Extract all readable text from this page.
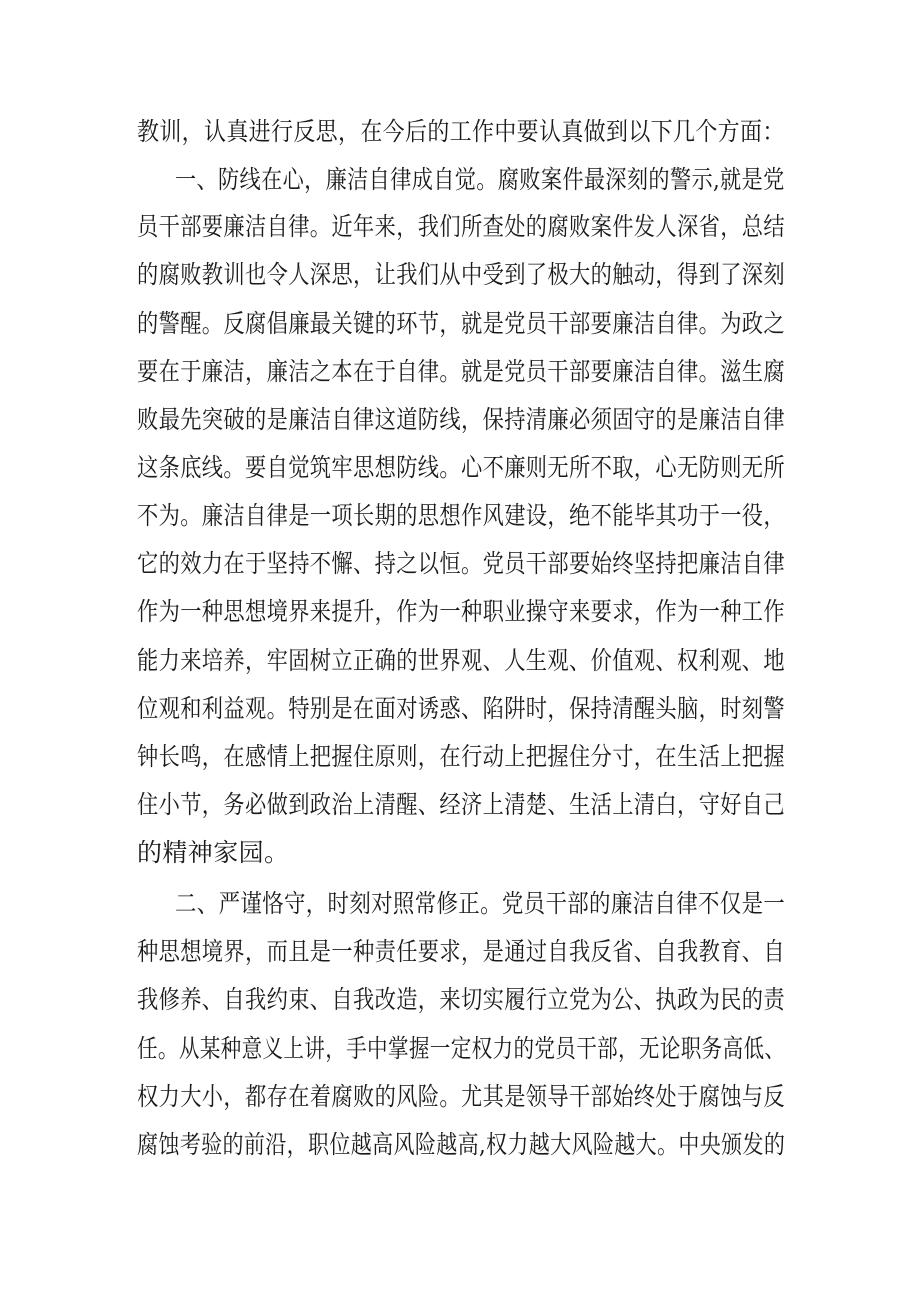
教训，认真进行反思，在今后的工作中要认真做到以下几个方面：
一、防线在心，廉洁自律成自觉。腐败案件最深刻的警示,就是党
员干部要廉洁自律。近年来，我们所查处的腐败案件发人深省，总结
的腐败教训也令人深思，让我们从中受到了极大的触动，得到了深刻
的警醒。反腐倡廉最关键的环节，就是党员干部要廉洁自律。为政之
要在于廉洁，廉洁之本在于自律。就是党员干部要廉洁自律。滋生腐
败最先突破的是廉洁自律这道防线，保持清廉必须固守的是廉洁自律
这条底线。要自觉筑牢思想防线。心不廉则无所不取，心无防则无所
不为。廉洁自律是一项长期的思想作风建设，绝不能毕其功于一役，
它的效力在于坚持不懈、持之以恒。党员干部要始终坚持把廉洁自律
作为一种思想境界来提升，作为一种职业操守来要求，作为一种工作
能力来培养，牢固树立正确的世界观、人生观、价值观、权利观、地
位观和利益观。特别是在面对诱惑、陷阱时，保持清醒头脑，时刻警
钟长鸣，在感情上把握住原则，在行动上把握住分寸，在生活上把握
住小节，务必做到政治上清醒、经济上清楚、生活上清白，守好自己
的精神家园。
二、严谨恪守，时刻对照常修正。党员干部的廉洁自律不仅是一
种思想境界，而且是一种责任要求，是通过自我反省、自我教育、自
我修养、自我约束、自我改造，来切实履行立党为公、执政为民的责
任。从某种意义上讲，手中掌握一定权力的党员干部，无论职务高低、
权力大小，都存在着腐败的风险。尤其是领导干部始终处于腐蚀与反
腐蚀考验的前沿，职位越高风险越高,权力越大风险越大。中央颁发的
